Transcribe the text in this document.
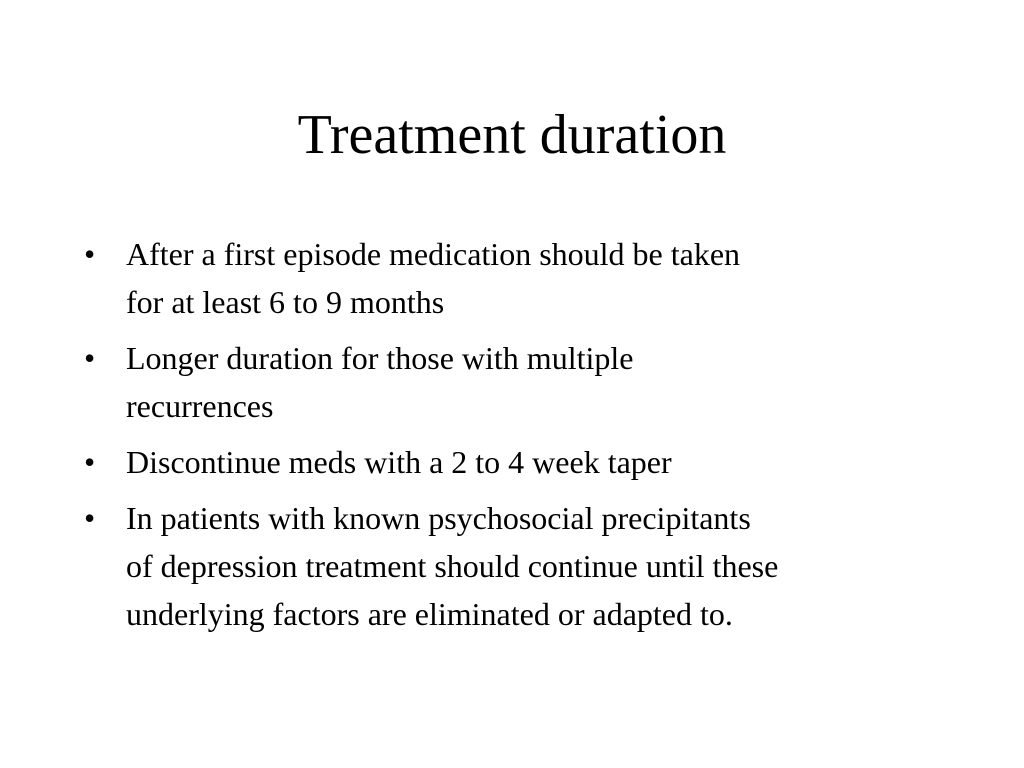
Treatment duration
• After a first episode medication should be taken
for at least 6 to 9 months
• Longer duration for those with multiple
recurrences
• Discontinue meds with a 2 to 4 week taper
• In patients with known psychosocial precipitants
of depression treatment should continue until these
underlying factors are eliminated or adapted to.
